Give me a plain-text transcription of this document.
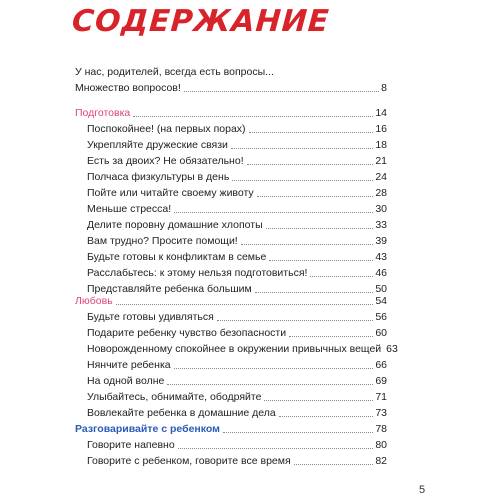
СОДЕРЖАНИЕ
У нас, родителей, всегда есть вопросы...
Множество вопросов!	8
Подготовка	14
Поспокойнее! (на первых порах)	16
Укрепляйте дружеские связи	18
Есть за двоих? Не обязательно!	21
Полчаса физкультуры в день	24
Пойте или читайте своему животу	28
Меньше стресса!	30
Делите поровну домашние хлопоты	33
Вам трудно? Просите помощи!	39
Будьте готовы к конфликтам в семье	43
Расслабьтесь: к этому нельзя подготовиться!	46
Представляйте ребенка большим	50
Любовь	54
Будьте готовы удивляться	56
Подарите ребенку чувство безопасности	60
Новорожденному спокойнее в окружении привычных вещей 63
Нянчите ребенка	66
На одной волне	69
Улыбайтесь, обнимайте, ободряйте	71
Вовлекайте ребенка в домашние дела	73
Разговаривайте с ребенком	78
Говорите напевно	80
Говорите с ребенком, говорите все время	82
5
